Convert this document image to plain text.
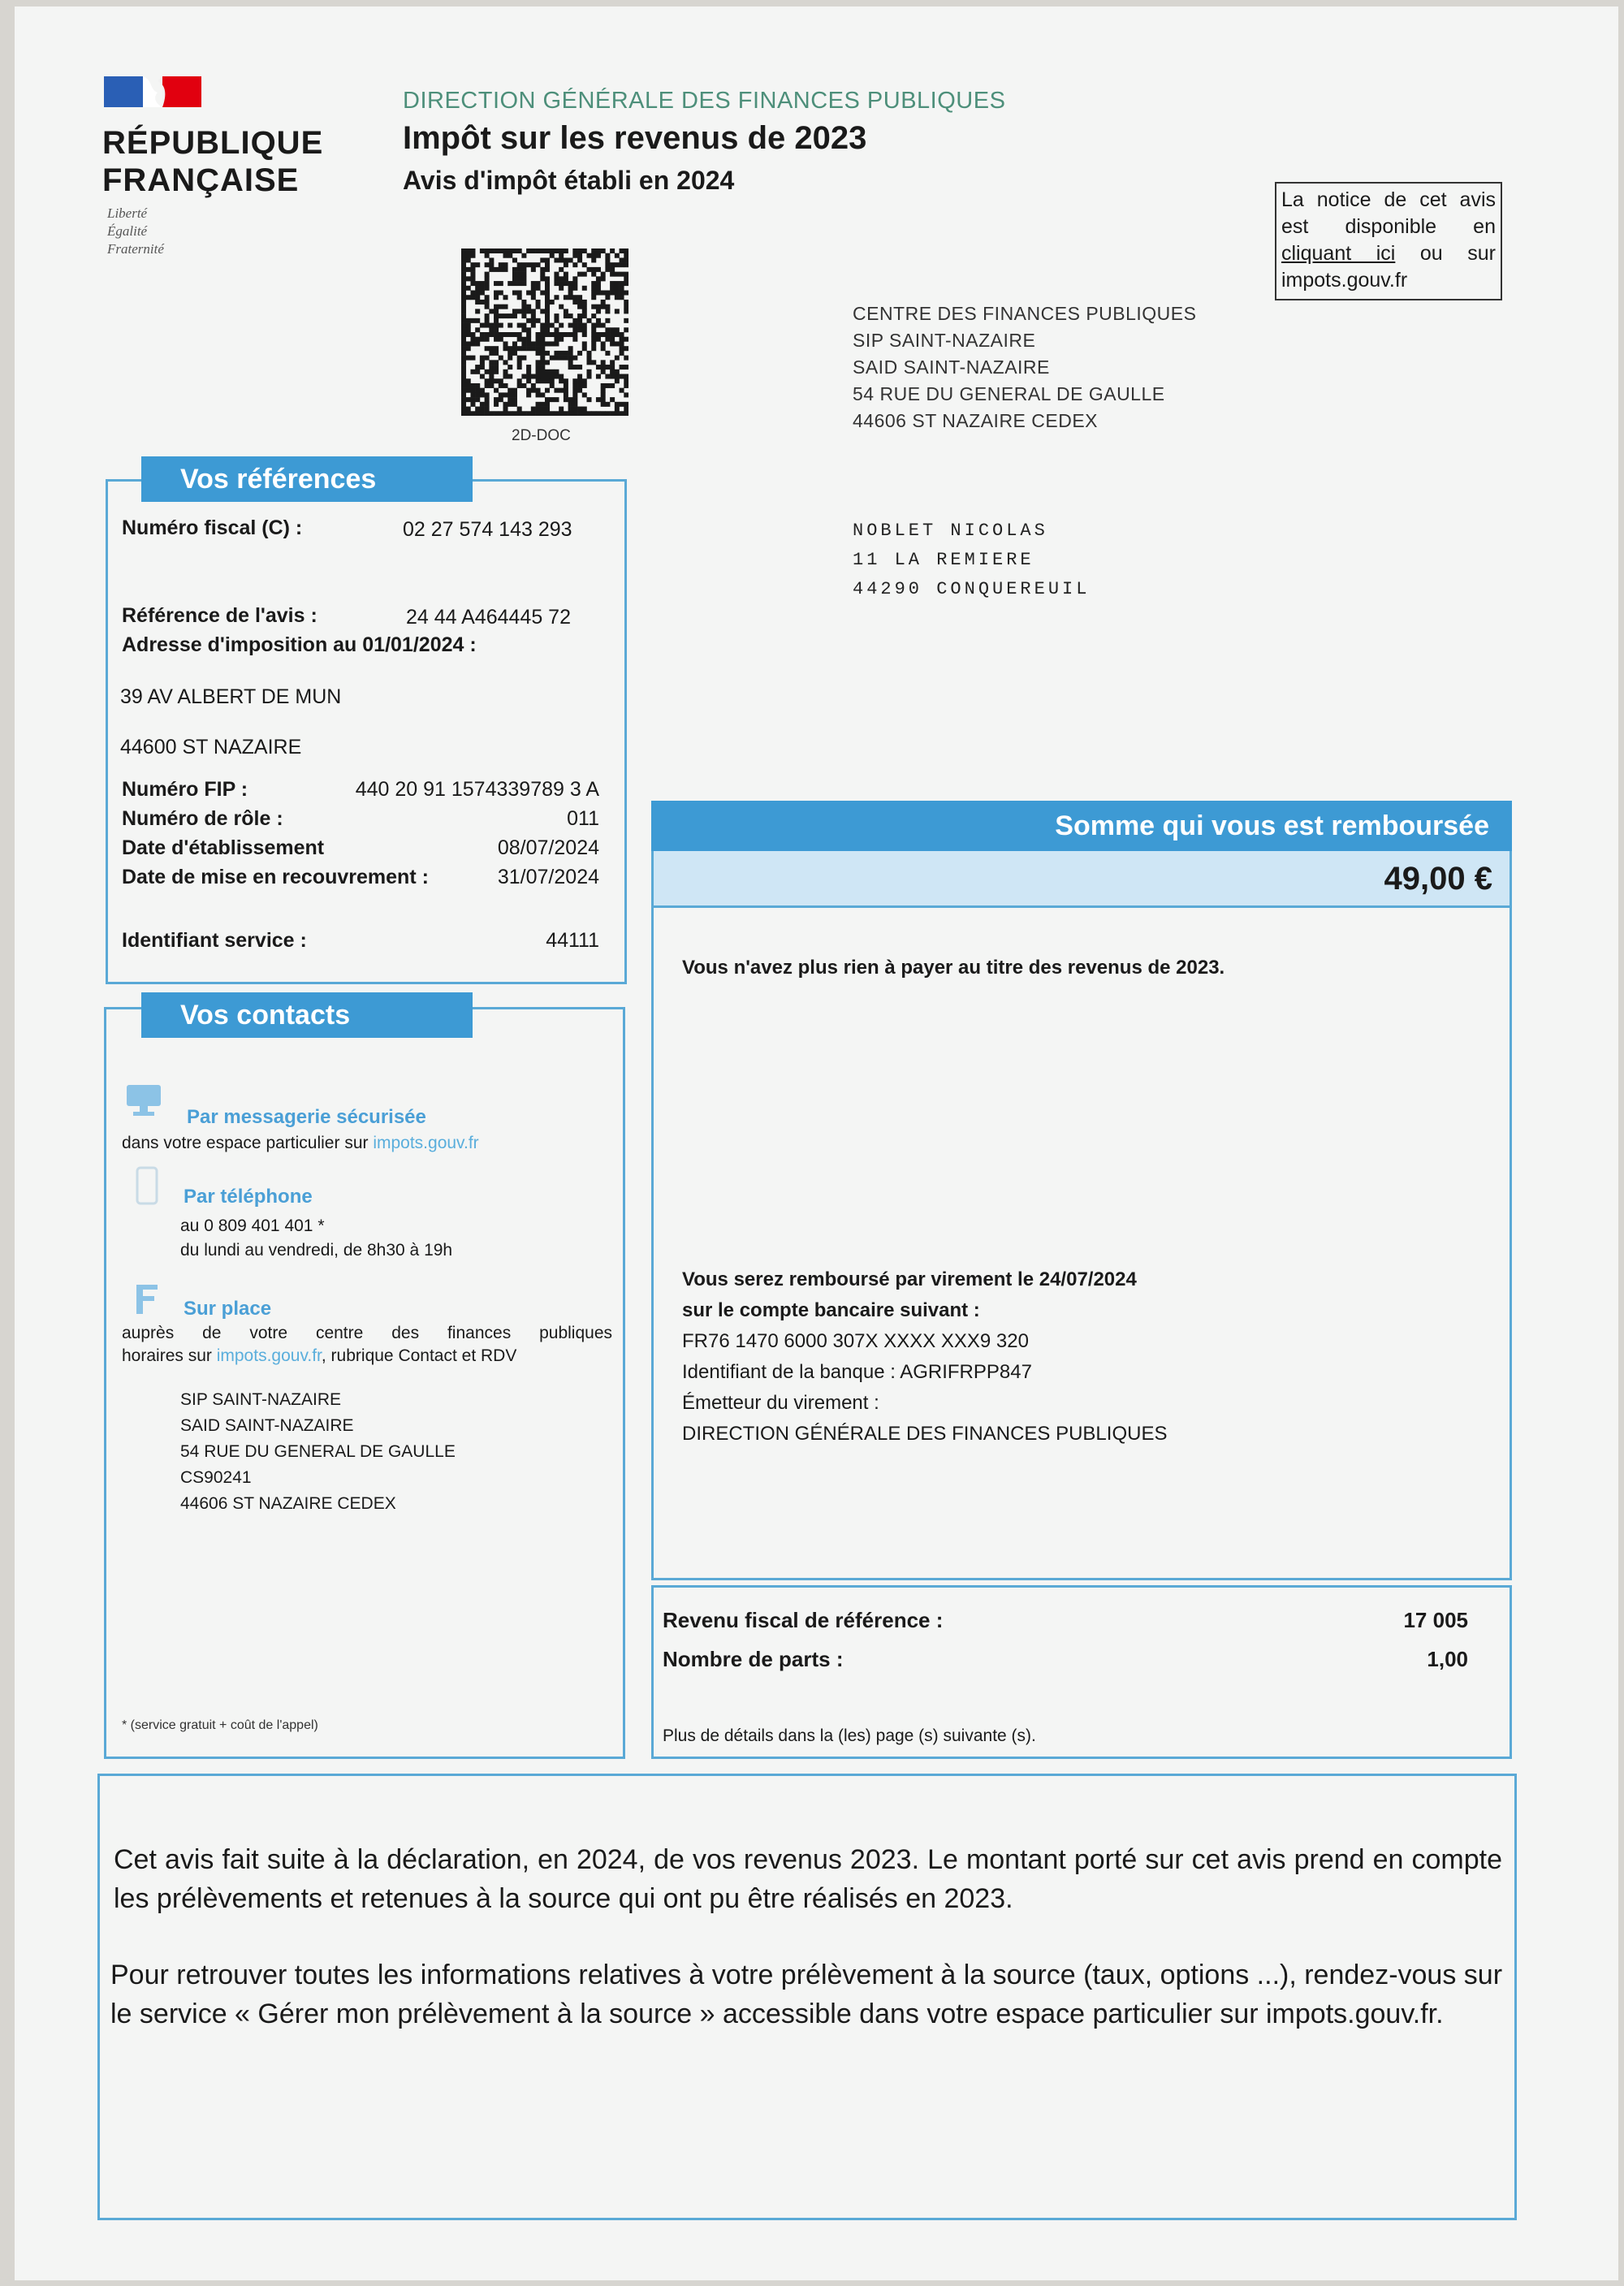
RÉPUBLIQUE
FRANÇAISE
Liberté
Égalité
Fraternité
DIRECTION GÉNÉRALE DES FINANCES PUBLIQUES
Impôt sur les revenus de 2023
Avis d'impôt établi en 2024
2D-DOC
La notice de cet avis est disponible en cliquant ici ou sur impots.gouv.fr
CENTRE DES FINANCES PUBLIQUES
SIP SAINT-NAZAIRE
SAID SAINT-NAZAIRE
54 RUE DU GENERAL DE GAULLE
44606 ST NAZAIRE CEDEX
NOBLET NICOLAS
11 LA REMIERE
44290 CONQUEREUIL
Vos références
Numéro fiscal (C) :	02 27 574 143 293
Référence de l'avis :	24 44 A464445 72
Adresse d'imposition au 01/01/2024 :
39 AV ALBERT DE MUN
44600 ST NAZAIRE
Numéro FIP :	440 20 91 1574339789 3 A
Numéro de rôle :	011
Date d'établissement	08/07/2024
Date de mise en recouvrement :	31/07/2024
Identifiant service :	44111
Vos contacts
Par messagerie sécurisée
dans votre espace particulier sur impots.gouv.fr
Par téléphone
au 0 809 401 401 *
du lundi au vendredi, de 8h30 à 19h
Sur place
auprès de votre centre des finances publiques
horaires sur impots.gouv.fr, rubrique Contact et RDV
SIP SAINT-NAZAIRE
SAID SAINT-NAZAIRE
54 RUE DU GENERAL DE GAULLE
CS90241
44606 ST NAZAIRE CEDEX
* (service gratuit + coût de l'appel)
Somme qui vous est remboursée
49,00 €
Vous n'avez plus rien à payer au titre des revenus de 2023.
Vous serez remboursé par virement le 24/07/2024
sur le compte bancaire suivant :
FR76 1470 6000 307X XXXX XXX9 320
Identifiant de la banque : AGRIFRPP847
Émetteur du virement :
DIRECTION GÉNÉRALE DES FINANCES PUBLIQUES
Revenu fiscal de référence :	17 005
Nombre de parts :	1,00
Plus de détails dans la (les) page (s) suivante (s).
Cet avis fait suite à la déclaration, en 2024, de vos revenus 2023. Le montant porté sur cet avis prend en compte les prélèvements et retenues à la source qui ont pu être réalisés en 2023.
Pour retrouver toutes les informations relatives à votre prélèvement à la source (taux, options ...), rendez-vous sur le service « Gérer mon prélèvement à la source » accessible dans votre espace particulier sur impots.gouv.fr.
